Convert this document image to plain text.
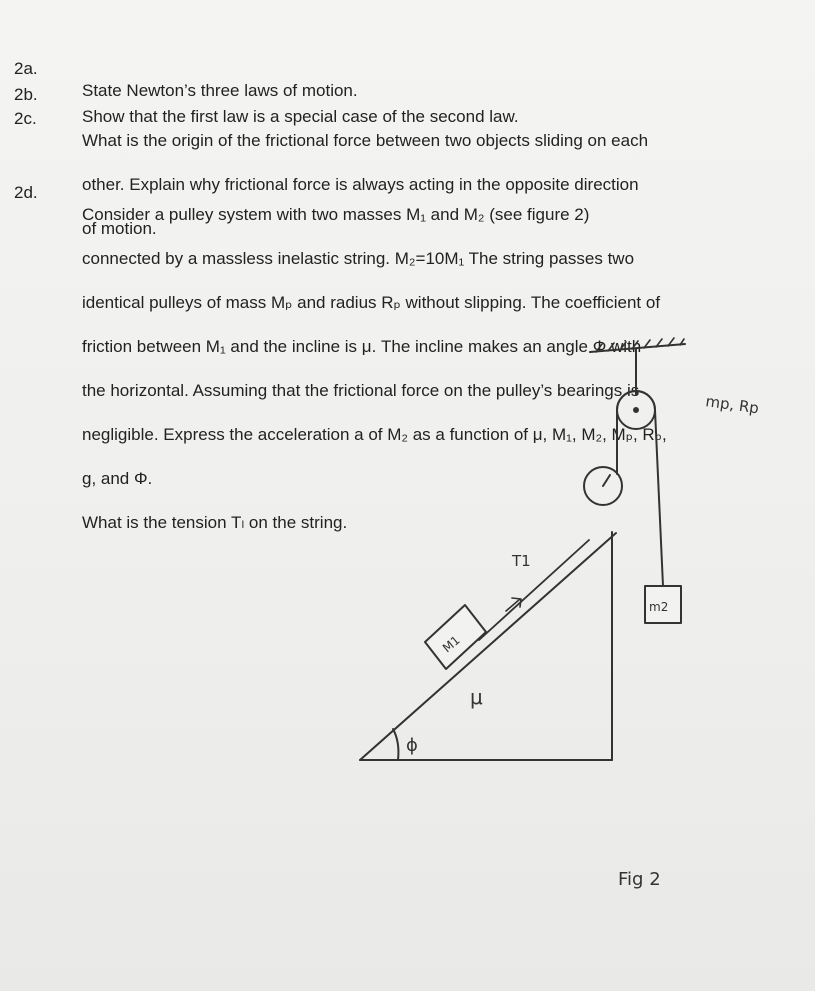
2a.

State Newton’s three laws of motion.

2b.

Show that the first law is a special case of the second law.

2c.

What is the origin of the frictional force between two objects sliding on each

other. Explain why frictional force is always acting in the opposite direction

of motion.

2d.

Consider a pulley system with two masses M₁ and M₂ (see figure 2)

connected by a massless inelastic string. M₂=10M₁ The string passes two

identical pulleys of mass Mₚ and radius Rₚ without slipping. The coefficient of

friction between M₁ and the incline is μ. The incline makes an angle Φ with

the horizontal. Assuming that the frictional force on the pulley’s bearings is

negligible. Express the acceleration a of M₂ as a function of μ, M₁, M₂, Mₚ, Rₚ,

g, and Φ.

What is the tension Tₗ on the string.

mp, Rp
T1
M1
m2
μ
ϕ
Fig 2
